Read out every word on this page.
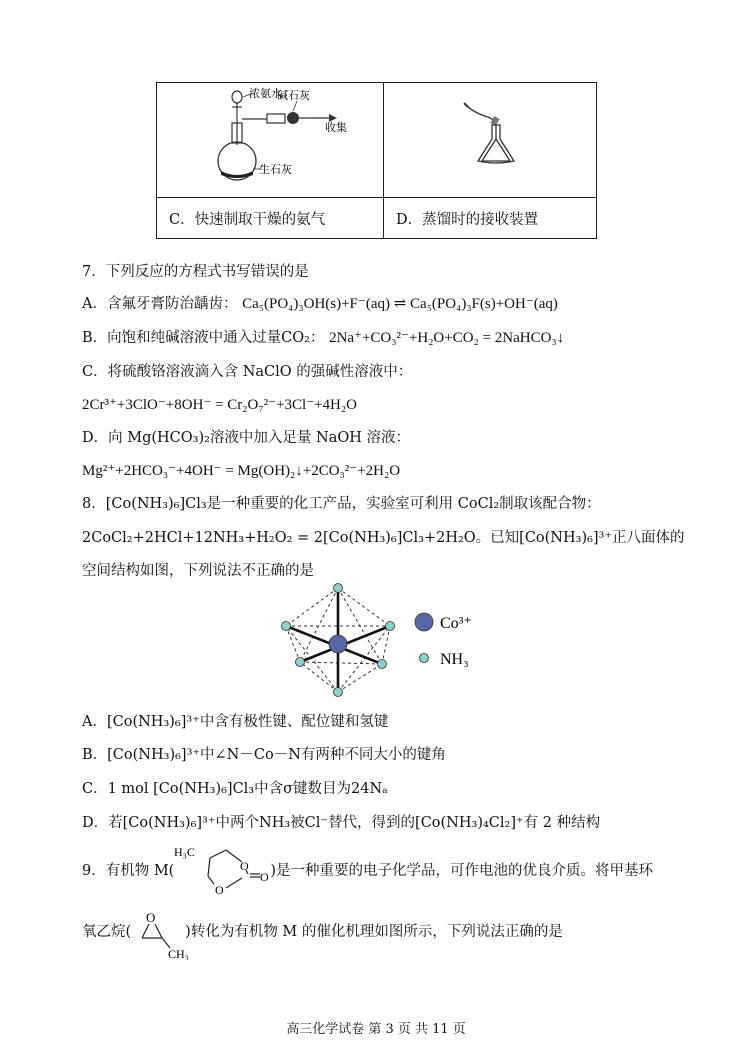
浓氨水
碱石灰
收集
生石灰

C．快速制取干燥的氨气	D．蒸馏时的接收装置
7．下列反应的方程式书写错误的是
A．含氟牙膏防治龋齿： Ca₅(PO₄)₃OH(s)+F⁻(aq) ⇌ Ca₅(PO₄)₃F(s)+OH⁻(aq)
B．向饱和纯碱溶液中通入过量CO₂： 2Na⁺+CO₃²⁻+H₂O+CO₂ = 2NaHCO₃↓
C．将硫酸铬溶液滴入含 NaClO 的强碱性溶液中：
2Cr³⁺+3ClO⁻+8OH⁻ = Cr₂O₇²⁻+3Cl⁻+4H₂O
D．向 Mg(HCO₃)₂溶液中加入足量 NaOH 溶液：
Mg²⁺+2HCO₃⁻+4OH⁻ = Mg(OH)₂↓+2CO₃²⁻+2H₂O
8．[Co(NH₃)₆]Cl₃是一种重要的化工产品，实验室可利用 CoCl₂制取该配合物：
2CoCl₂+2HCl+12NH₃+H₂O₂ = 2[Co(NH₃)₆]Cl₃+2H₂O。已知[Co(NH₃)₆]³⁺正八面体的
空间结构如图，下列说法不正确的是
Co³⁺
NH₃
A．[Co(NH₃)₆]³⁺中含有极性键、配位键和氢键
B．[Co(NH₃)₆]³⁺中∠N－Co－N有两种不同大小的键角
C．1 mol [Co(NH₃)₆]Cl₃中含σ键数目为24Nₐ
D．若[Co(NH₃)₆]³⁺中两个NH₃被Cl⁻替代，得到的[Co(NH₃)₄Cl₂]⁺有 2 种结构
9．有机物 M(	)是一种重要的电子化学品，可作电池的优良介质。将甲基环
H₃C
O
O
O
氧乙烷(	)转化为有机物 M 的催化机理如图所示，下列说法正确的是
O
CH₃
高三化学试卷 第 3 页 共 11 页
